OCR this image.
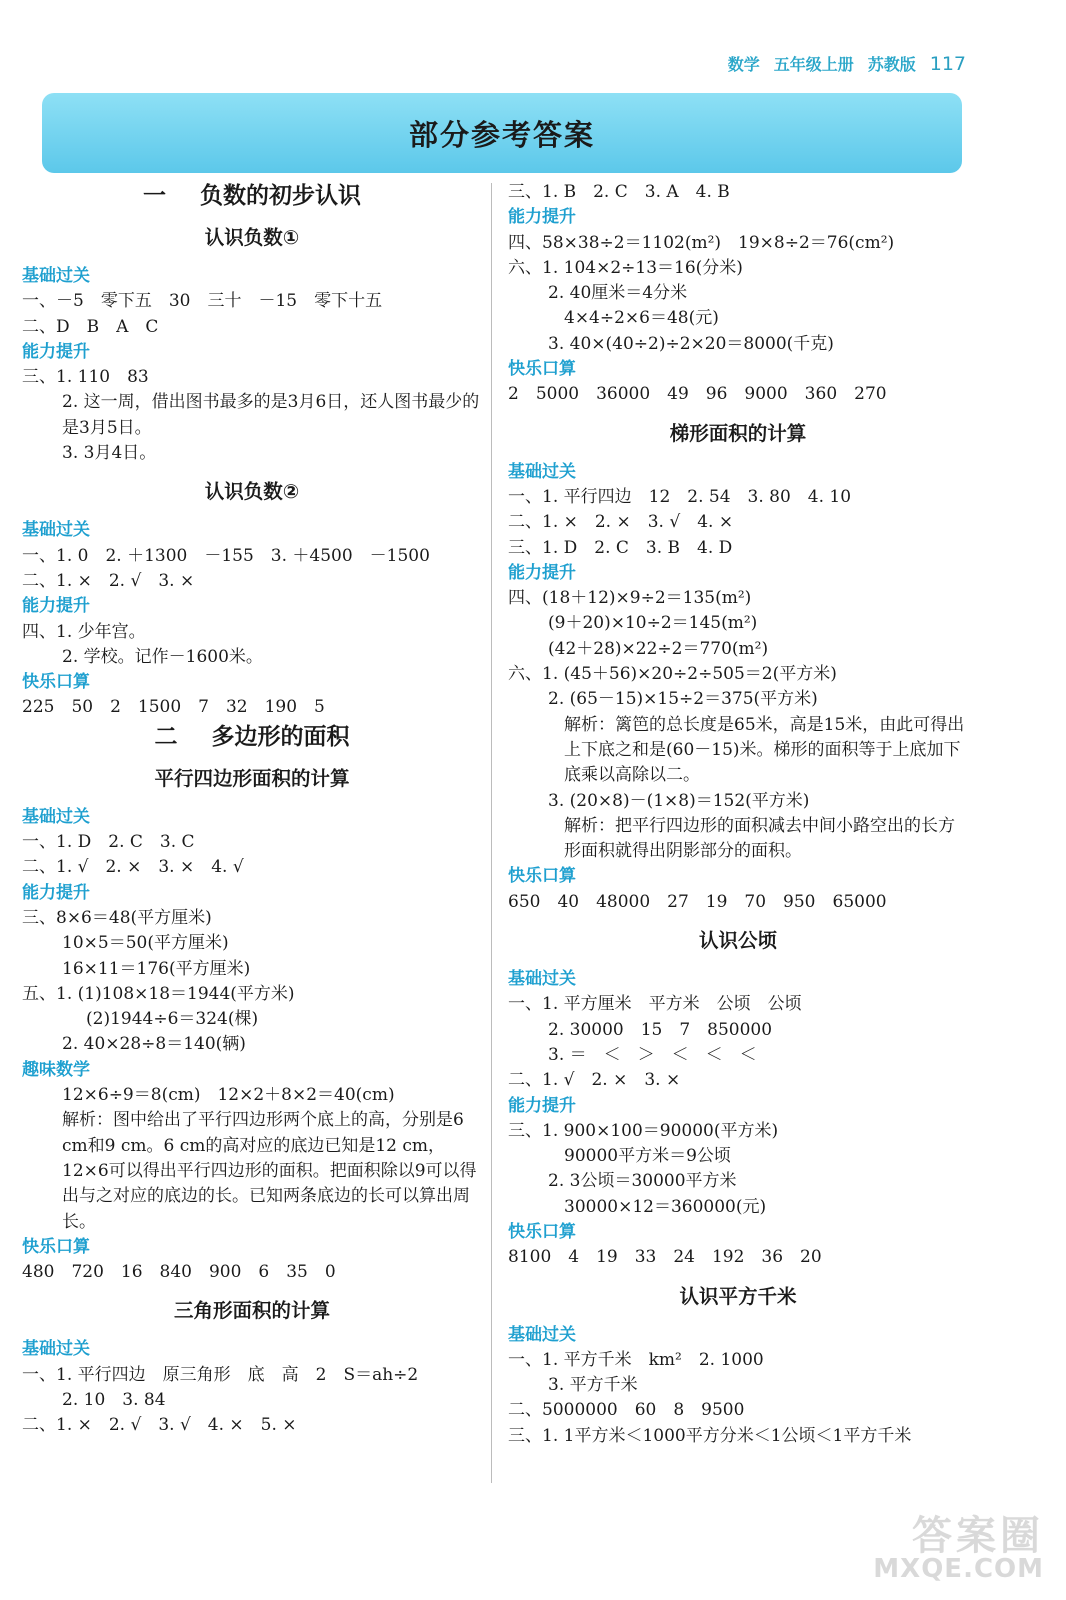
数学 五年级上册 苏教版 117
部分参考答案
一 负数的初步认识
认识负数①
基础过关
一、－5　零下五　30　三十　－15　零下十五
二、D　B　A　C
能力提升
三、1. 110　83
2. 这一周，借出图书最多的是3月6日，还人图书最少的是3月5日。
3. 3月4日。
认识负数②
基础过关
一、1. 0　2. ＋1300　－155　3. ＋4500　－1500
二、1. ×　2. √　3. ×
能力提升
四、1. 少年宫。
2. 学校。记作－1600米。
快乐口算
225　50　2　1500　7　32　190　5
二 多边形的面积
平行四边形面积的计算
基础过关
一、1. D　2. C　3. C
二、1. √　2. ×　3. ×　4. √
能力提升
三、8×6＝48(平方厘米)
10×5＝50(平方厘米)
16×11＝176(平方厘米)
五、1. (1)108×18＝1944(平方米)
(2)1944÷6＝324(棵)
2. 40×28÷8＝140(辆)
趣味数学
12×6÷9＝8(cm)　12×2＋8×2＝40(cm)
解析：图中给出了平行四边形两个底上的高，分别是6 cm和9 cm。6 cm的高对应的底边已知是12 cm，12×6可以得出平行四边形的面积。把面积除以9可以得出与之对应的底边的长。已知两条底边的长可以算出周长。
快乐口算
480　720　16　840　900　6　35　0
三角形面积的计算
基础过关
一、1. 平行四边　原三角形　底　高　2　S＝ah÷2
2. 10　3. 84
二、1. ×　2. √　3. √　4. ×　5. ×
三、1. B　2. C　3. A　4. B
能力提升
四、58×38÷2＝1102(m²)　19×8÷2＝76(cm²)
六、1. 104×2÷13＝16(分米)
2. 40厘米＝4分米
4×4÷2×6＝48(元)
3. 40×(40÷2)÷2×20＝8000(千克)
快乐口算
2　5000　36000　49　96　9000　360　270
梯形面积的计算
基础过关
一、1. 平行四边　12　2. 54　3. 80　4. 10
二、1. ×　2. ×　3. √　4. ×
三、1. D　2. C　3. B　4. D
能力提升
四、(18＋12)×9÷2＝135(m²)
(9＋20)×10÷2＝145(m²)
(42＋28)×22÷2＝770(m²)
六、1. (45＋56)×20÷2÷505＝2(平方米)
2. (65－15)×15÷2＝375(平方米)
解析：篱笆的总长度是65米，高是15米，由此可得出上下底之和是(60－15)米。梯形的面积等于上底加下底乘以高除以二。
3. (20×8)－(1×8)＝152(平方米)
解析：把平行四边形的面积减去中间小路空出的长方形面积就得出阴影部分的面积。
快乐口算
650　40　48000　27　19　70　950　65000
认识公顷
基础过关
一、1. 平方厘米　平方米　公顷　公顷
2. 30000　15　7　850000
3. ＝　＜　＞　＜　＜　＜
二、1. √　2. ×　3. ×
能力提升
三、1. 900×100＝90000(平方米)
90000平方米＝9公顷
2. 3公顷＝30000平方米
30000×12＝360000(元)
快乐口算
8100　4　19　33　24　192　36　20
认识平方千米
基础过关
一、1. 平方千米　km²　2. 1000
3. 平方千米
二、5000000　60　8　9500
三、1. 1平方米＜1000平方分米＜1公顷＜1平方千米
答案圈
MXQE.COM
